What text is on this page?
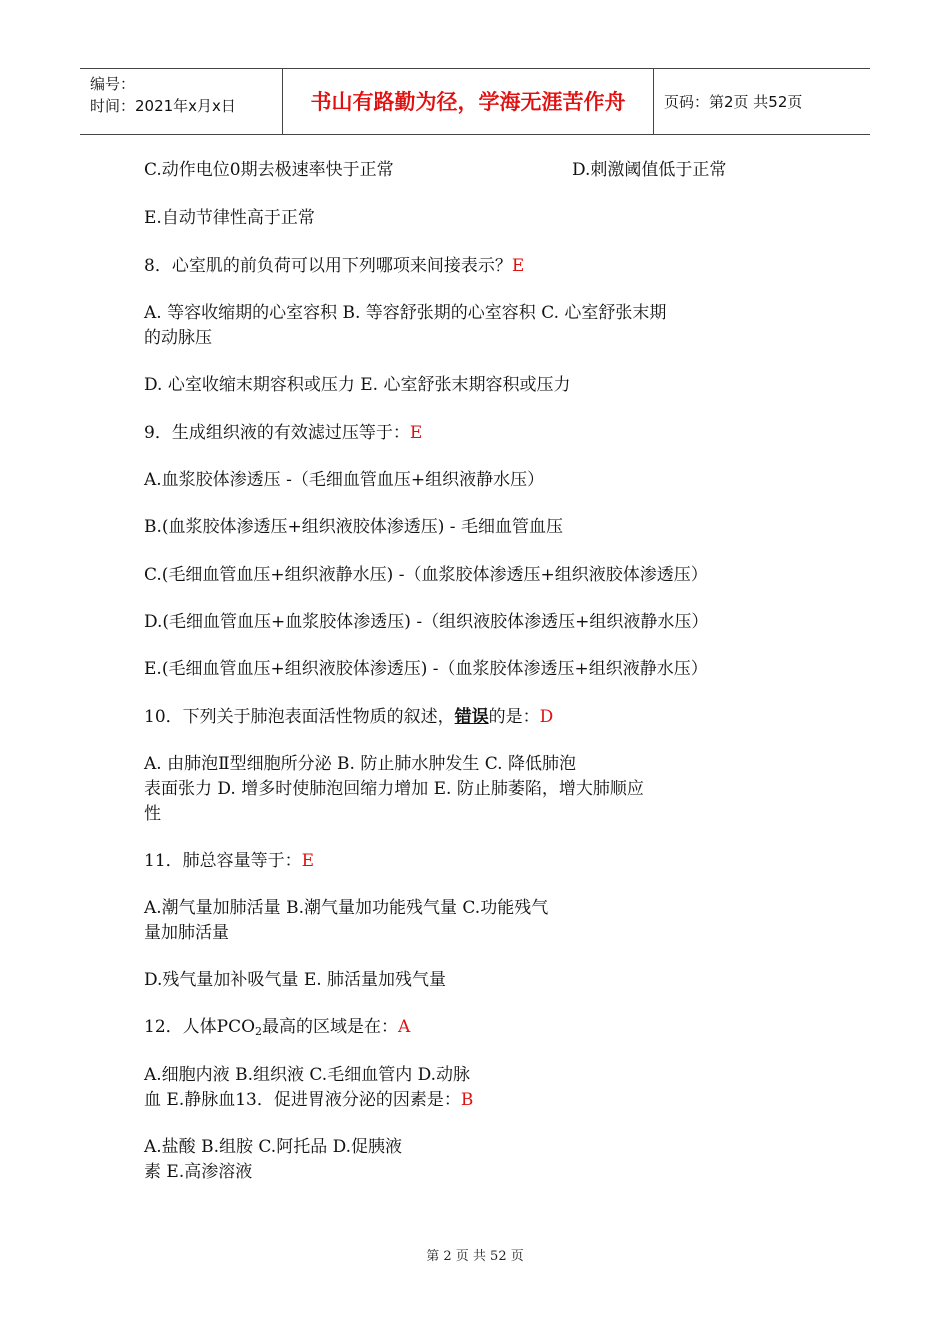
编号：
时间：2021年x月x日	书山有路勤为径，学海无涯苦作舟	页码：第2页 共52页
C.动作电位0期去极速率快于正常	D.刺激阈值低于正常
E.自动节律性高于正常
8．心室肌的前负荷可以用下列哪项来间接表示？E
A. 等容收缩期的心室容积 B. 等容舒张期的心室容积 C. 心室舒张末期
的动脉压
D. 心室收缩末期容积或压力 E. 心室舒张末期容积或压力
9．生成组织液的有效滤过压等于：E
A.血浆胶体渗透压 -（毛细血管血压+组织液静水压）
B.(血浆胶体渗透压+组织液胶体渗透压) - 毛细血管血压
C.(毛细血管血压+组织液静水压) -（血浆胶体渗透压+组织液胶体渗透压）
D.(毛细血管血压+血浆胶体渗透压) -（组织液胶体渗透压+组织液静水压）
E.(毛细血管血压+组织液胶体渗透压) -（血浆胶体渗透压+组织液静水压）
10．下列关于肺泡表面活性物质的叙述，错误的是：D
A. 由肺泡Ⅱ型细胞所分泌 B. 防止肺水肿发生 C. 降低肺泡
表面张力 D. 增多时使肺泡回缩力增加 E. 防止肺萎陷，增大肺顺应
性
11．肺总容量等于：E
A.潮气量加肺活量 B.潮气量加功能残气量 C.功能残气
量加肺活量
D.残气量加补吸气量 E. 肺活量加残气量
12．人体$PCO_2$最高的区域是在：A
A.细胞内液 B.组织液 C.毛细血管内 D.动脉
血 E.静脉血13．促进胃液分泌的因素是：B
A.盐酸 B.组胺 C.阿托品 D.促胰液
素 E.高渗溶液
第 2 页 共 52 页
